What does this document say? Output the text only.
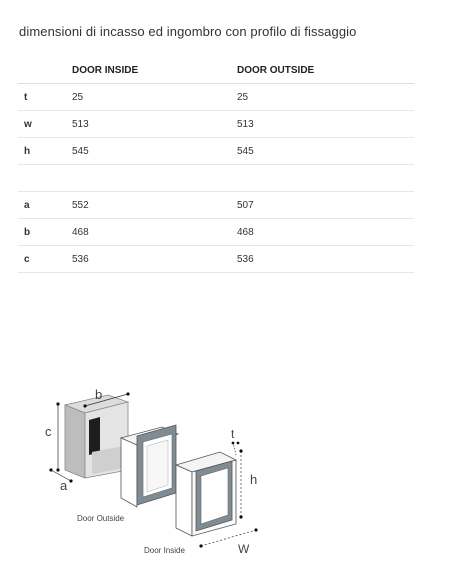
dimensioni di incasso ed ingombro con profilo di fissaggio
	DOOR INSIDE	DOOR OUTSIDE
t	25	25
w	513	513
h	545	545

a	552	507
b	468	468
c	536	536
c
b
a
Door Outside
Door Inside
h
t
W
